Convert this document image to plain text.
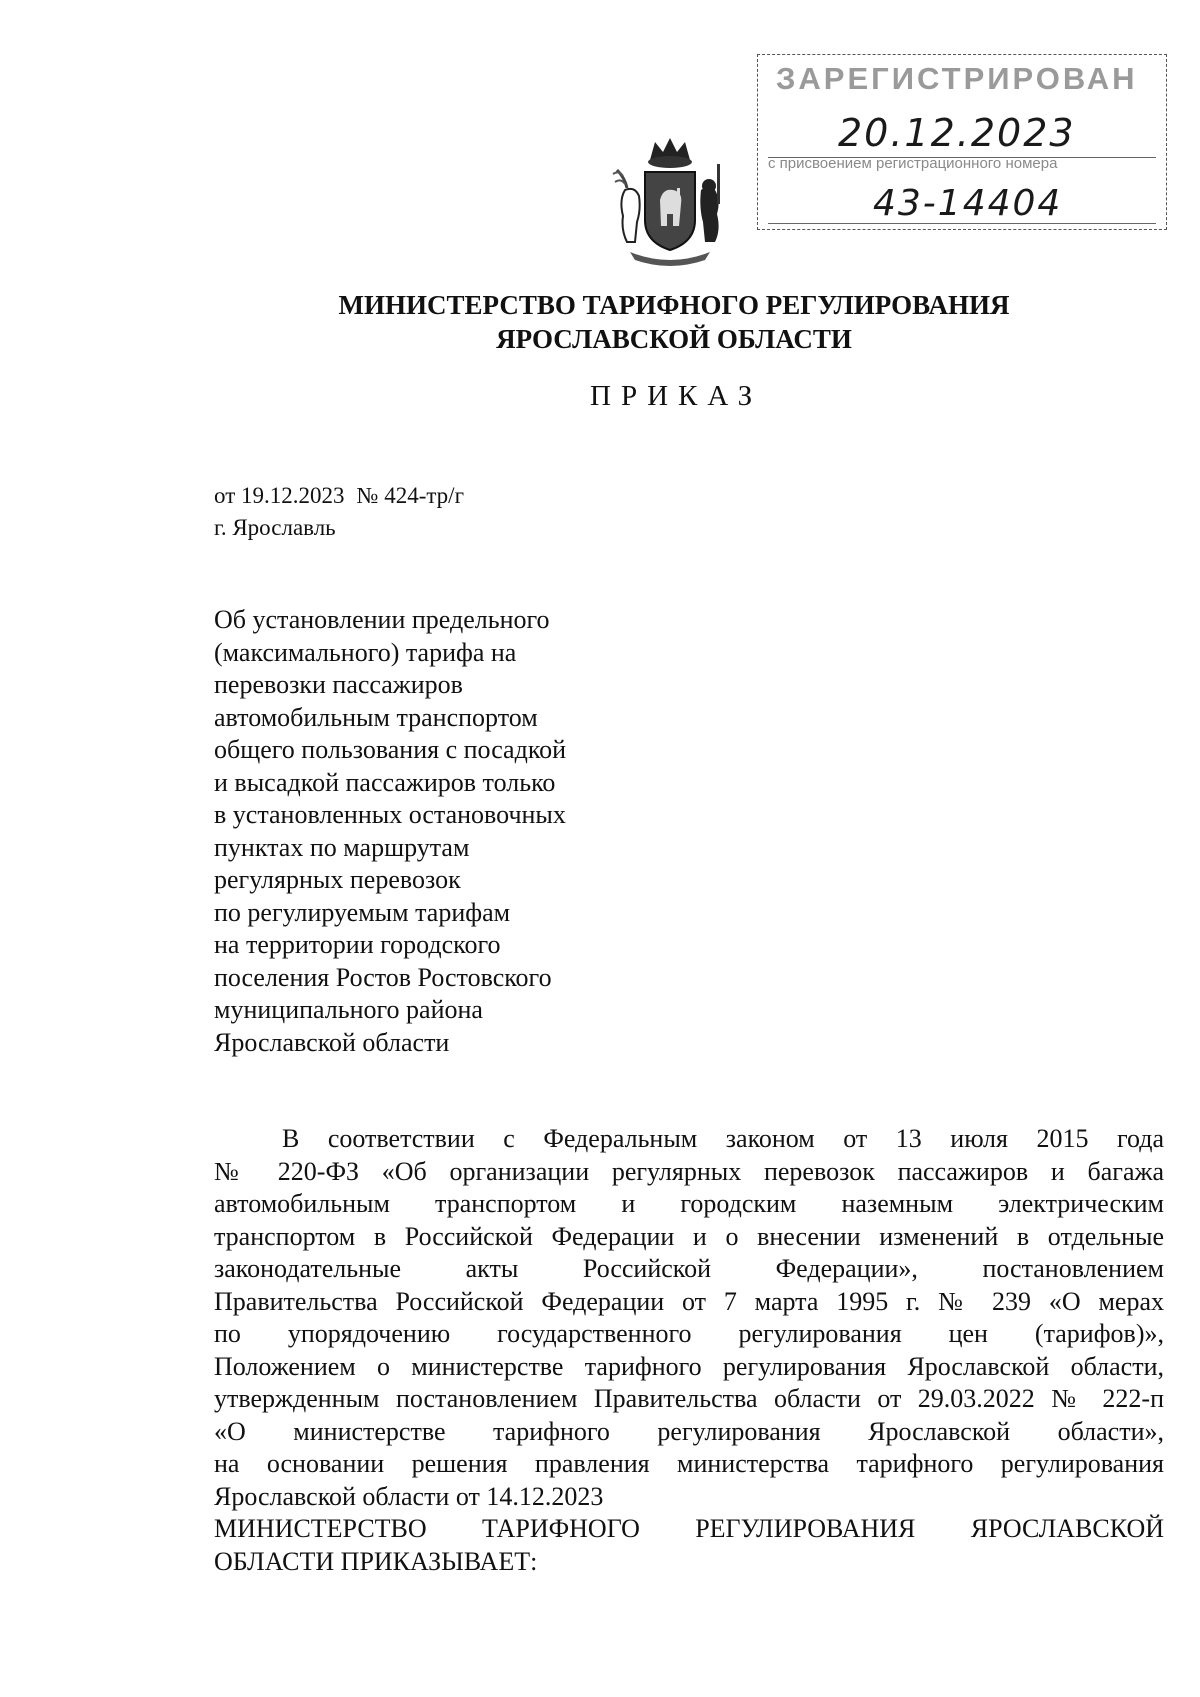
ЗАРЕГИСТРИРОВАН
20.12.2023
с присвоением регистрационного номера
43-14404
МИНИСТЕРСТВО ТАРИФНОГО РЕГУЛИРОВАНИЯ
ЯРОСЛАВСКОЙ ОБЛАСТИ
ПРИКАЗ
от 19.12.2023 № 424-тр/г
г. Ярославль
Об установлении предельного
(максимального) тарифа на
перевозки пассажиров
автомобильным транспортом
общего пользования с посадкой
и высадкой пассажиров только
в установленных остановочных
пунктах по маршрутам
регулярных перевозок
по регулируемым тарифам
на территории городского
поселения Ростов Ростовского
муниципального района
Ярославской области
В соответствии с Федеральным законом от 13 июля 2015 года
№ 220-ФЗ «Об организации регулярных перевозок пассажиров и багажа
автомобильным транспортом и городским наземным электрическим
транспортом в Российской Федерации и о внесении изменений в отдельные
законодательные акты Российской Федерации», постановлением
Правительства Российской Федерации от 7 марта 1995 г. № 239 «О мерах
по упорядочению государственного регулирования цен (тарифов)»,
Положением о министерстве тарифного регулирования Ярославской области,
утвержденным постановлением Правительства области от 29.03.2022 № 222-п
«О министерстве тарифного регулирования Ярославской области»,
на основании решения правления министерства тарифного регулирования
Ярославской области от 14.12.2023
МИНИСТЕРСТВО ТАРИФНОГО РЕГУЛИРОВАНИЯ ЯРОСЛАВСКОЙ
ОБЛАСТИ ПРИКАЗЫВАЕТ:
